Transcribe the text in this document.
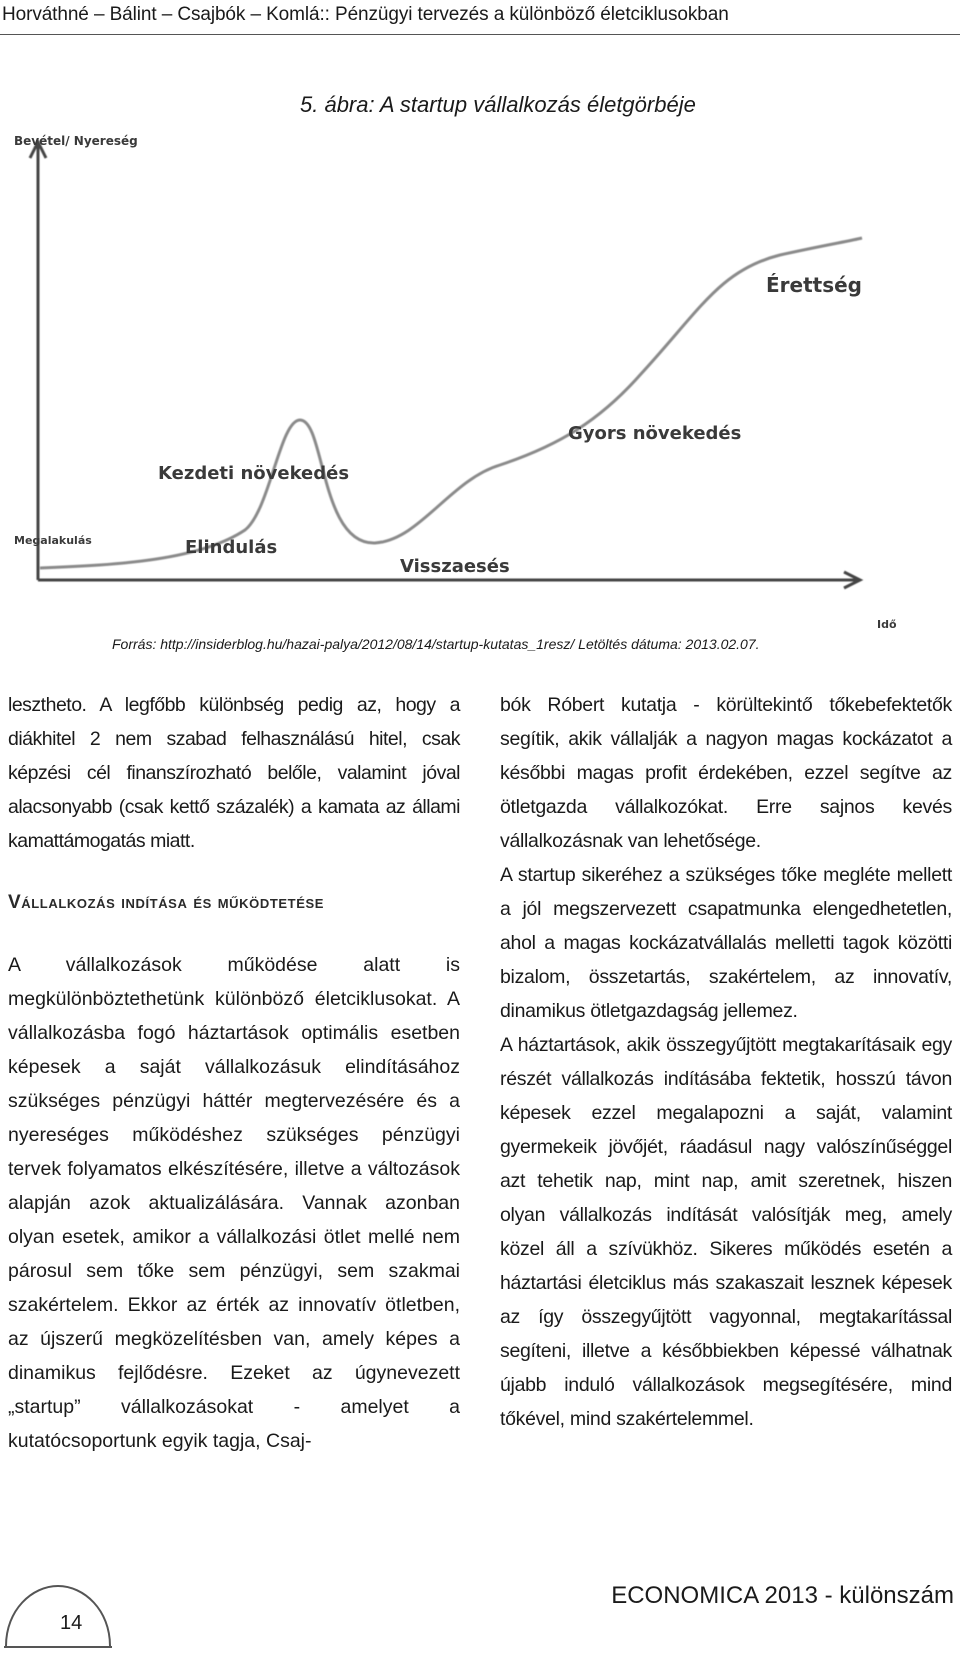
Horváthné – Bálint – Csajbók – Komlá:: Pénzügyi tervezés a különböző életciklusokban
5. ábra: A startup vállalkozás életgörbéje
Bevétel/ Nyereség
Idő
Megalakulás	Elindulás
Kezdeti növekedés
Visszaesés
Gyors növekedés
Érettség
Forrás: http://insiderblog.hu/hazai-palya/2012/08/14/startup-kutatas_1resz/ Letöltés dátuma: 2013.02.07.

lesztheto. A legfőbb különbség pedig az, hogy a diákhitel 2 nem szabad felhasználású hitel, csak képzési cél finanszírozható belőle, valamint jóval alacsonyabb (csak kettő százalék) a kamata az állami kamattámogatás miatt.

Vállalkozás indítása és működtetése

A vállalkozások működése alatt is megkülönböztethetünk különböző életciklusokat. A vállalkozásba fogó háztartások optimális esetben képesek a saját vállalkozásuk elindításához szükséges pénzügyi háttér megtervezésére és a nyereséges működéshez szükséges pénzügyi tervek folyamatos elkészítésére, illetve a változások alapján azok aktualizálására. Vannak azonban olyan esetek, amikor a vállalkozási ötlet mellé nem párosul sem tőke sem pénzügyi, sem szakmai szakértelem. Ekkor az érték az innovatív ötletben, az újszerű megközelítésben van, amely képes a dinamikus fejlődésre. Ezeket az úgynevezett „startup” vállalkozásokat - amelyet a kutatócsoportunk egyik tagja, Csaj-

bók Róbert kutatja - körültekintő tőkebefektetők segítik, akik vállalják a nagyon magas kockázatot a későbbi magas profit érdekében, ezzel segítve az ötletgazda vállalkozókat. Erre sajnos kevés vállalkozásnak van lehetősége.

A startup sikeréhez a szükséges tőke megléte mellett a jól megszervezett csapatmunka elengedhetetlen, ahol a magas kockázatvállalás melletti tagok közötti bizalom, összetartás, szakértelem, az innovatív, dinamikus ötletgazdagság jellemez.

A háztartások, akik összegyűjtött megtakarításaik egy részét vállalkozás indításába fektetik, hosszú távon képesek ezzel megalapozni a saját, valamint gyermekeik jövőjét, ráadásul nagy valószínűséggel azt tehetik nap, mint nap, amit szeretnek, hiszen olyan vállalkozás indítását valósítják meg, amely közel áll a szívükhöz. Sikeres működés esetén a háztartási életciklus más szakaszait lesznek képesek az így összegyűjtött vagyonnal, megtakarítással segíteni, illetve a későbbiekben képessé válhatnak újabb induló vállalkozások megsegítésére, mind tőkével, mind szakértelemmel.

14
ECONOMICA 2013 - különszám
